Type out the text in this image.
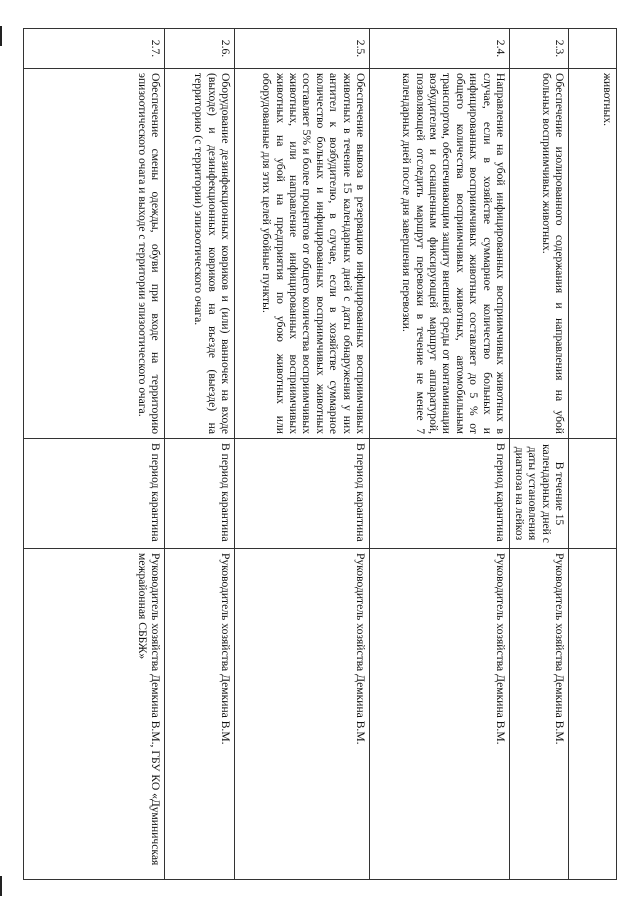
	животных.		

2.3.	Обеспечение изолированного содержания и направления на убой больных восприимчивых животных.	В течение 15 календарных дней с даты установления диагноза на лейкоз	Руководитель хозяйства Демкина В.М.
2.4.	Направление на убой инфицированных восприимчивых животных в случае, если в хозяйстве суммарное количество больных и инфицированных восприимчивых животных составляет до 5 % от общего количества восприимчивых животных, автомобильным транспортом, обеспечивающим защиту внешней среды от контаминации возбудителем и оснащенным фиксирующей маршрут аппаратурой, позволяющей отследить маршрут перевозки в течение не менее 7 календарных дней после дня завершения перевозки.	В период карантина	Руководитель хозяйства Демкина В.М.
2.5.	Обеспечение вывоза в резервацию инфицированных восприимчивых животных в течение 15 календарных дней с даты обнаружения у них антител к возбудителю, в случае, если в хозяйстве суммарное количество больных и инфицированных восприимчивых животных составляет 5% и более процентов от общего количества восприимчивых животных, или направление инфицированных восприимчивых животных на убой на предприятия по убою животных или оборудованные для этих целей убойные пункты.	В период карантина	Руководитель хозяйства Демкина В.М.
2.6.	Оборудование дезинфекционных ковриков и (или) ванночек на входе (выходе) и дезинфекционных ковриков на въезде (выезде) на территорию (с территории) эпизоотического очага.	В период карантина	Руководитель хозяйства Демкина В.М.
2.7.	Обеспечение смены одежды, обуви при входе на территорию эпизоотического очага и выходе с территории эпизоотического очага.	В период карантина	Руководитель хозяйства Демкина В.М., ГБУ КО «Думиничская межрайонная СББЖ»
